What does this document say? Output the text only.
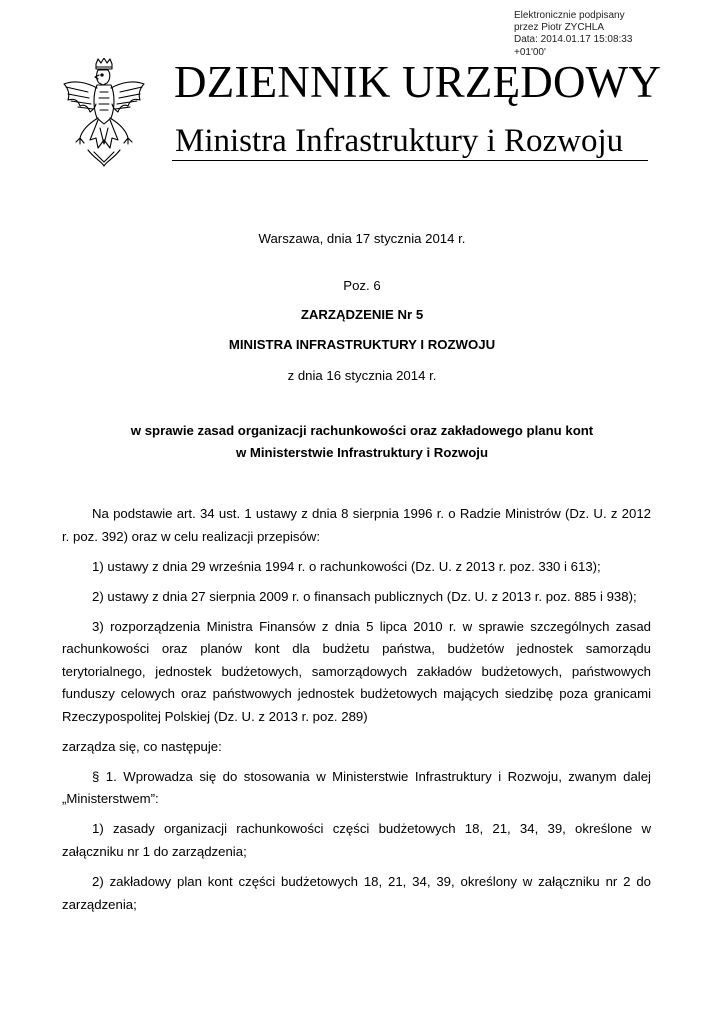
Elektronicznie podpisany
przez Piotr ZYCHLA
Data: 2014.01.17 15:08:33
+01'00'
DZIENNIK URZĘDOWY
Ministra Infrastruktury i Rozwoju
Warszawa, dnia 17 stycznia 2014 r.
Poz. 6
ZARZĄDZENIE Nr 5
MINISTRA INFRASTRUKTURY I ROZWOJU
z dnia 16 stycznia 2014 r.
w sprawie zasad organizacji rachunkowości oraz zakładowego planu kont
w Ministerstwie Infrastruktury i Rozwoju

Na podstawie art. 34 ust. 1 ustawy z dnia 8 sierpnia 1996 r. o Radzie Ministrów (Dz. U. z 2012 r. poz. 392) oraz w celu realizacji przepisów:

1) ustawy z dnia 29 września 1994 r. o rachunkowości (Dz. U. z 2013 r. poz. 330 i 613);

2) ustawy z dnia 27 sierpnia 2009 r. o finansach publicznych (Dz. U. z 2013 r. poz. 885 i 938);

3) rozporządzenia Ministra Finansów z dnia 5 lipca 2010 r. w sprawie szczególnych zasad rachunkowości oraz planów kont dla budżetu państwa, budżetów jednostek samorządu terytorialnego, jednostek budżetowych, samorządowych zakładów budżetowych, państwowych funduszy celowych oraz państwowych jednostek budżetowych mających siedzibę poza granicami Rzeczypospolitej Polskiej (Dz. U. z 2013 r. poz. 289)

zarządza się, co następuje:

§ 1. Wprowadza się do stosowania w Ministerstwie Infrastruktury i Rozwoju, zwanym dalej „Ministerstwem”:

1) zasady organizacji rachunkowości części budżetowych 18, 21, 34, 39, określone w załączniku nr 1 do zarządzenia;

2) zakładowy plan kont części budżetowych 18, 21, 34, 39, określony w załączniku nr 2 do zarządzenia;
